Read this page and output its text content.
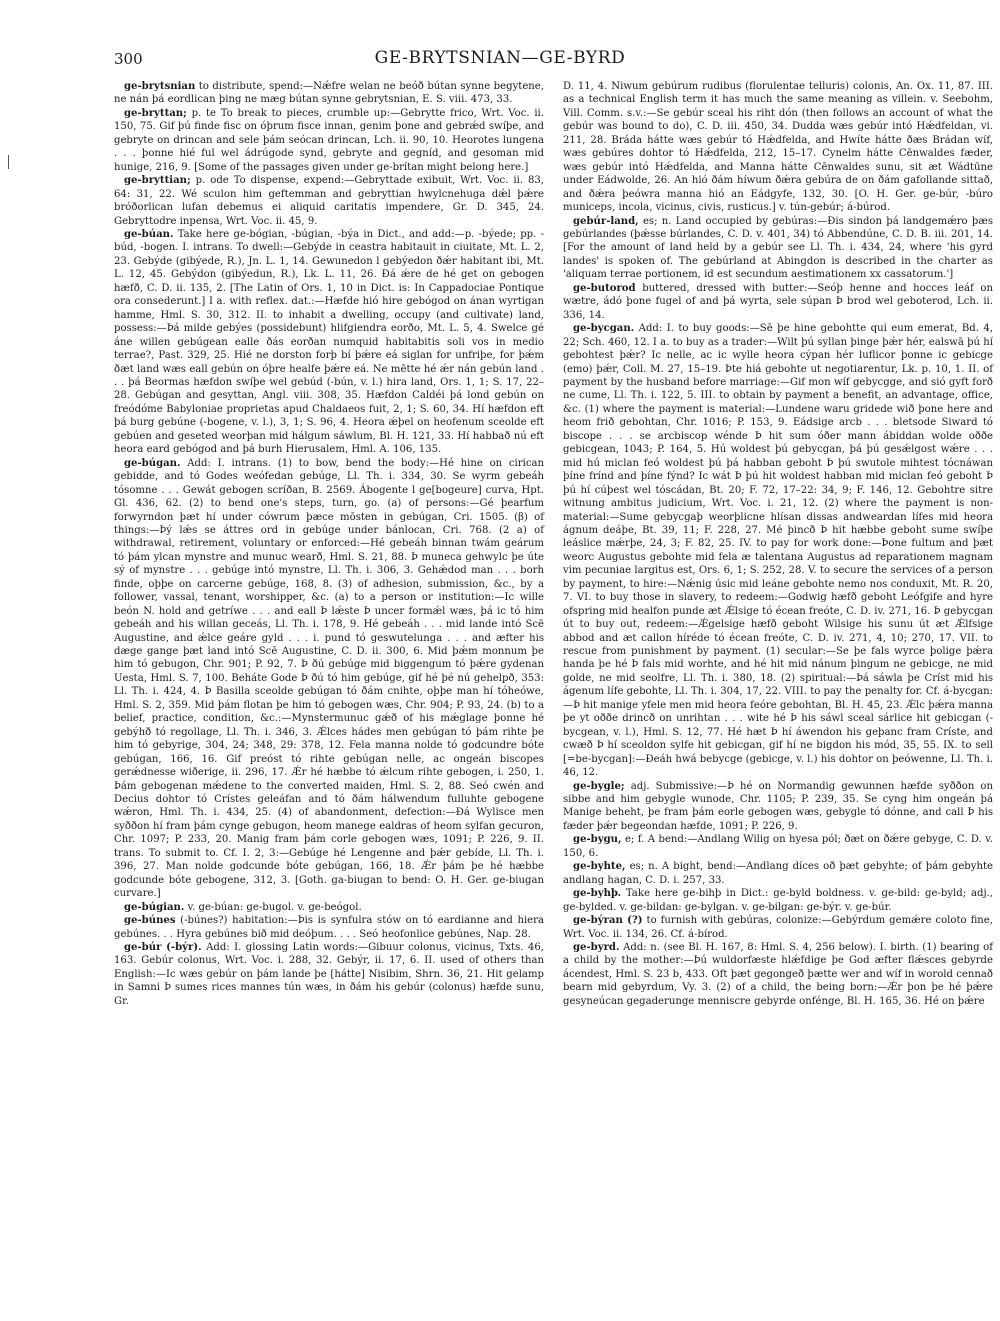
300	GE-BRYTSNIAN—GE-BYRD

ge-brytsnian to distribute, spend:—Nǽfre welan ne beóð bútan synne begytene, ne nán þá eordlican þing ne mæg bútan synne gebrytsnian, E. S. viii. 473, 33.

ge-bryttan; p. te To break to pieces, crumble up:—Gebrytte frico, Wrt. Voc. ii. 150, 75. Gif þú finde fisc on óþrum fisce innan, genim þone and gebrǽd swíþe, and gebryte on drincan and sele þám seócan drincan, Lch. ii. 90, 10. Heorotes lungena . . . þonne hié ful wel ádrúgode synd, gebryte and gegníd, and gesoman mid hunige, 216, 9. [Some of the passages given under ge-brítan might belong here.]

ge-bryttian; p. ode To dispense, expend:—Gebryttade exibuit, Wrt. Voc. ii. 83, 64: 31, 22. Wé sculon him geftemman and gebryttian hwylcnehuga dǽl þǽre bróðorlican lufan debemus ei aliquid caritatis impendere, Gr. D. 345, 24. Gebryttodre inpensa, Wrt. Voc. ii. 45, 9.

ge-búan. Take here ge-bógian, -búgian, -býa in Dict., and add:—p. -býede; pp. -búd, -bogen. I. intrans. To dwell:—Gebýde in ceastra habitauit in ciuitate, Mt. L. 2, 23. Gebýde (gibýede, R.), Jn. L. 1, 14. Gewunedon l gebýedon ðǽr habitant ibi, Mt. L. 12, 45. Gebýdon (gibýedun, R.), Lk. L. 11, 26. Ðá ǽre de hé get on gebogen hæfð, C. D. ii. 135, 2. [The Latin of Ors. 1, 10 in Dict. is: In Cappadociae Pontique ora consederunt.] I a. with reflex. dat.:—Hæfde hió hire gebógod on ánan wyrtigan hamme, Hml. S. 30, 312. II. to inhabit a dwelling, occupy (and cultivate) land, possess:—Þá milde gebýes (possidebunt) hlifgiendra eorðo, Mt. L. 5, 4. Swelce gé áne willen gebúgean ealle ðás eorðan numquid habitabitis soli vos in medio terrae?, Past. 329, 25. Hié ne dorston forþ bí þǽre eá siglan for unfriþe, for þǽm ðæt land wæs eall gebún on óþre healfe þǽre eá. Ne mētte hé ǽr nán gebún land . . . þá Beormas hæfdon swíþe wel gebúd (-bún, v. l.) hira land, Ors. 1, 1; S. 17, 22–28. Gebúgan and gesyttan, Angl. viii. 308, 35. Hæfdon Caldéi þá lond gebún on freódóme Babyloniae proprietas apud Chaldaeos fuit, 2, 1; S. 60, 34. Hí hæfdon eft þá burg gebúne (-bogene, v. l.), 3, 1; S. 96, 4. Heora ǽþel on heofenum sceolde eft gebúen and geseted weorþan mid hálgum sáwlum, Bl. H. 121, 33. Hí habbað nú eft heora eard gebógod and þá burh Hierusalem, Hml. A. 106, 135.

ge-búgan. Add: I. intrans. (1) to bow, bend the body:—Hé hine on cirican gebidde, and tó Godes weófedan gebúge, Ll. Th. i. 334, 30. Se wyrm gebeáh tósomne . . . Gewát gebogen scríðan, B. 2569. Ábogente l ge[bogeure] curva, Hpt. Gl. 436, 62. (2) to bend one's steps, turn, go. (a) of persons:—Gé þearfum forwyrndon þæt hí under cówrum þæce mōsten in gebúgan, Cri. 1505. (β) of things:—Þý lǽs se áttres ord in gebúge under bánlocan, Cri. 768. (2 a) of withdrawal, retirement, voluntary or enforced:—Hé gebeáh binnan twám geárum tó þám ylcan mynstre and munuc wearð, Hml. S. 21, 88. Þ muneca gehwylc þe úte sý of mynstre . . . gebúge intó mynstre, Ll. Th. i. 306, 3. Gehǽdod man . . . borh finde, oþþe on carcerne gebúge, 168, 8. (3) of adhesion, submission, &c., by a follower, vassal, tenant, worshipper, &c. (a) to a person or institution:—Ic wille beón N. hold and getríwe . . . and eall Þ lǽste Þ uncer formǽl wæs, þá ic tó him gebeáh and his willan geceás, Ll. Th. i. 178, 9. Hé gebeáh . . . mid lande intó Scē Augustine, and ǽlce geáre gyld . . . i. pund tó geswutelunga . . . and æfter his dæge gange þæt land intó Scē Augustine, C. D. ii. 300, 6. Mid þǽm monnum þe him tó gebugon, Chr. 901; P. 92, 7. Þ ðú gebúge mid biggengum tó þǽre gydenan Uesta, Hml. S. 7, 100. Beháte Gode Þ ðú tó him gebúge, gif hé þé nú gehelpð, 353: Ll. Th. i. 424, 4. Þ Basilla sceolde gebúgan tó ðám cnihte, oþþe man hí tóheówe, Hml. S. 2, 359. Mid þám flotan þe him tó gebogen wæs, Chr. 904; P. 93, 24. (b) to a belief, practice, condition, &c.:—Mynstermunuc gǽð of his mǽglage þonne hé gebýhð tó regollage, Ll. Th. i. 346, 3. Ǽlces hádes men gebúgan tó þám rihte þe him tó gebyrige, 304, 24; 348, 29: 378, 12. Fela manna nolde tó godcundre bóte gebúgan, 166, 16. Gif preóst tó rihte gebúgan nelle, ac ongeán biscopes gerǽdnesse wiðerige, ii. 296, 17. Ǽr hé hæbbe tó ǽlcum rihte gebogen, i. 250, 1. Þám gebogenan mǽdene to the converted maiden, Hml. S. 2, 88. Seó cwén and Decius dohtor tó Crístes geleáfan and tó ðám hálwendum fulluhte gebogene wǽron, Hml. Th. i. 434, 25. (4) of abandonment, defection:—Ðá Wylisce men syððon hí fram þám cynge gebugon, heom manege ealdras of heom sylfan gecuron, Chr. 1097; P. 233, 20. Manig fram þám corle gebogen wæs, 1091; P. 226, 9. II. trans. To submit to. Cf. I. 2, 3:—Gebúge hé Lengenne and þǽr gebíde, Ll. Th. i. 396, 27. Man nolde godcunde bóte gebúgan, 166, 18. Ǽr þám þe hé hæbbe godcunde bóte gebogene, 312, 3. [Goth. ga-biugan to bend: O. H. Ger. ge-biugan curvare.]

ge-búgian. v. ge-búan: ge-bugol. v. ge-beógol.

ge-búnes (-búnes?) habitation:—Þis is synfulra stów on tó eardianne and hiera gebúnes. . . Hyra gebúnes bið mid deóþum. . . . Seó heofonlice gebúnes, Nap. 28.

ge-búr (-býr). Add: I. glossing Latin words:—Gibuur colonus, vicinus, Txts. 46, 163. Gebúr colonus, Wrt. Voc. i. 288, 32. Gebýr, ii. 17, 6. II. used of others than English:—Ic wæs gebúr on þám lande þe [hátte] Nisibim, Shrn. 36, 21. Hit gelamp in Samni Þ sumes rices mannes tún wæs, in ðám his gebúr (colonus) hæfde sunu, Gr.

D. 11, 4. Niwum gebúrum rudibus (florulentae telluris) colonis, An. Ox. 11, 87. III. as a technical English term it has much the same meaning as villein. v. Seebohm, Vill. Comm. s.v.:—Se gebúr sceal his riht dón (then follows an account of what the gebúr was bound to do), C. D. iii. 450, 34. Dudda wæs gebúr intó Hǽdfeldan, vi. 211, 28. Bráda hátte wæs gebúr tó Hǽdfelda, and Hwíte hátte ðæs Brádan wíf, wæs gebúres dohtor tó Hǽdfelda, 212, 15–17. Cynelm hátte Cēnwaldes fæder, wæs gebúr intó Hǽdfelda, and Manna hátte Cēnwaldes sunu, sit æt Wádtūne under Eádwolde, 26. An hió ðám híwum ðǽra gebúra de on ðám gafollande sittað, and ðǽra þeówra manna hió an Eádgyfe, 132, 30. [O. H. Ger. ge-búr, -búro municeps, incola, vicinus, civis, rusticus.] v. tún-gebúr; á-búrod.

gebúr-land, es; n. Land occupied by gebúras:—Ðis sindon þá landgemǽro þæs gebúrlandes (þǽsse búrlandes, C. D. v. 401, 34) tó Abbendúne, C. D. B. iii. 201, 14. [For the amount of land held by a gebúr see Ll. Th. i. 434, 24, where 'his gyrd landes' is spoken of. The gebúrland at Abingdon is described in the charter as 'aliquam terrae portionem, id est secundum aestimationem xx cassatorum.']

ge-butorod buttered, dressed with butter:—Seóþ henne and hocces leáf on wætre, ádó þone fugel of and þá wyrta, sele súpan Þ brod wel geboterod, Lch. ii. 336, 14.

ge-bycgan. Add: I. to buy goods:—Sē þe hine gebohtte qui eum emerat, Bd. 4, 22; Sch. 460, 12. I a. to buy as a trader:—Wilt þú syllan þinge þǽr hér, ealswā þú hí gebohtest þǽr? Ic nelle, ac ic wylle heora cýpan hér luflicor þonne ic gebicge (emo) þǽr, Coll. M. 27, 15–19. Þte hiá gebohte ut negotiarentur, Lk. p. 10, 1. II. of payment by the husband before marriage:—Gif mon wíf gebycgge, and sió gyft forð ne cume, Ll. Th. i. 122, 5. III. to obtain by payment a benefit, an advantage, office, &c. (1) where the payment is material:—Lundene waru gridede wið þone here and heom frið gebohtan, Chr. 1016; P. 153, 9. Eádsige arcb . . . bletsode Siward tó biscope . . . se arcbiscop wénde Þ hit sum óðer mann ábiddan wolde oððe gebicgean, 1043; P. 164, 5. Hú woldest þú gebycgan, þá þú gesǽlgost wǽre . . . mid hú miclan feó woldest þú þá habban geboht Þ þú swutole mihtest tócnáwan þíne frínd and þíne fýnd? Ic wát Þ þú hit woldest habban mid miclan feó geboht Þ þú hí cúþest wel tóscádan, Bt. 20; F. 72, 17–22: 34, 9; F. 146, 12. Gebohtre sitre witnung ambitus judicium, Wrt. Voc. i. 21, 12. (2) where the payment is non-material:—Sume gebycgaþ weorþlicne hlísan dissas andweardan lífes mid heora ágnum deáþe, Bt. 39, 11; F. 228, 27. Mé þincð Þ hit hæbbe geboht sume swíþe leáslice mǽrþe, 24, 3; F. 82, 25. IV. to pay for work done:—Þone fultum and þæt weorc Augustus gebohte mid fela æ talentana Augustus ad reparationem magnam vim pecuniae largitus est, Ors. 6, 1; S. 252, 28. V. to secure the services of a person by payment, to hire:—Nǽnig úsic mid leáne gebohte nemo nos conduxit, Mt. R. 20, 7. VI. to buy those in slavery, to redeem:—Godwig hæfð geboht Leófgife and hyre ofspring mid healfon punde æt Ǽlsige tó écean freóte, C. D. iv. 271, 16. Þ gebycgan út to buy out, redeem:—Ǽgelsige hæfð geboht Wilsige his sunu út æt Ǽlfsige abbod and æt callon híréde tó écean freóte, C. D. iv. 271, 4, 10; 270, 17. VII. to rescue from punishment by payment. (1) secular:—Se þe fals wyrce þolige þǽra handa þe hé Þ fals mid worhte, and hé hit mid nánum þingum ne gebicge, ne mid golde, ne mid seolfre, Ll. Th. i. 380, 18. (2) spiritual:—Þá sáwla þe Críst mid his ágenum lífe gebohte, Ll. Th. i. 304, 17, 22. VIII. to pay the penalty for. Cf. á-bycgan:—Þ hit manige yfele men mid heora feóre gebohtan, Bl. H. 45, 23. Ǽlc þǽra manna þe yt oððe drincð on unrihtan . . . wite hé Þ his sáwl sceal sárlice hit gebicgan (-bycgean, v. l.), Hml. S. 12, 77. Hé hæt Þ hí áwendon his geþanc fram Críste, and cwæð Þ hí sceoldon sylfe hit gebicgan, gif hí ne bigdon his mód, 35, 55. IX. to sell [=be-bycgan]:—Ðeáh hwá bebycge (gebicge, v. l.) his dohtor on þeówenne, Ll. Th. i. 46, 12.

ge-bygle; adj. Submissive:—Þ hé on Normandig gewunnen hæfde syððon on sibbe and him gebygle wunode, Chr. 1105; P. 239, 35. Se cyng him ongeán þá Manige beheht, þe fram þám eorle gebogen wæs, gebygle tó dónne, and call Þ his fæder þǽr begeondan hæfde, 1091; P. 226, 9.

ge-bygu, e; f. A bend:—Andlang Wilig on hyesa pól; ðæt on ðǽre gebyge, C. D. v. 150, 6.

ge-byhte, es; n. A bight, bend:—Andlang díces oð þæt gebyhte; of þám gebyhte andlang hagan, C. D. i. 257, 33.

ge-byhþ. Take here ge-bihþ in Dict.: ge-byld boldness. v. ge-bild: ge-byld; adj., ge-bylded. v. ge-bildan: ge-bylgan. v. ge-bilgan: ge-býr. v. ge-búr.

ge-býran (?) to furnish with gebúras, colonize:—Gebýrdum gemǽre coloto fine, Wrt. Voc. ii. 134, 26. Cf. á-bírod.

ge-byrd. Add: n. (see Bl. H. 167, 8: Hml. S. 4, 256 below). I. birth. (1) bearing of a child by the mother:—Þú wuldorfæste hlǽfdige þe God æfter flǽsces gebyrde ácendest, Hml. S. 23 b, 433. Oft þæt gegongeð þætte wer and wíf in worold cennað bearn mid gebyrdum, Vy. 3. (2) of a child, the being born:—Ǽr þon þe hé þǽre gesyneúcan gegaderunge menniscre gebyrde onfénge, Bl. H. 165, 36. Hé on þǽre
